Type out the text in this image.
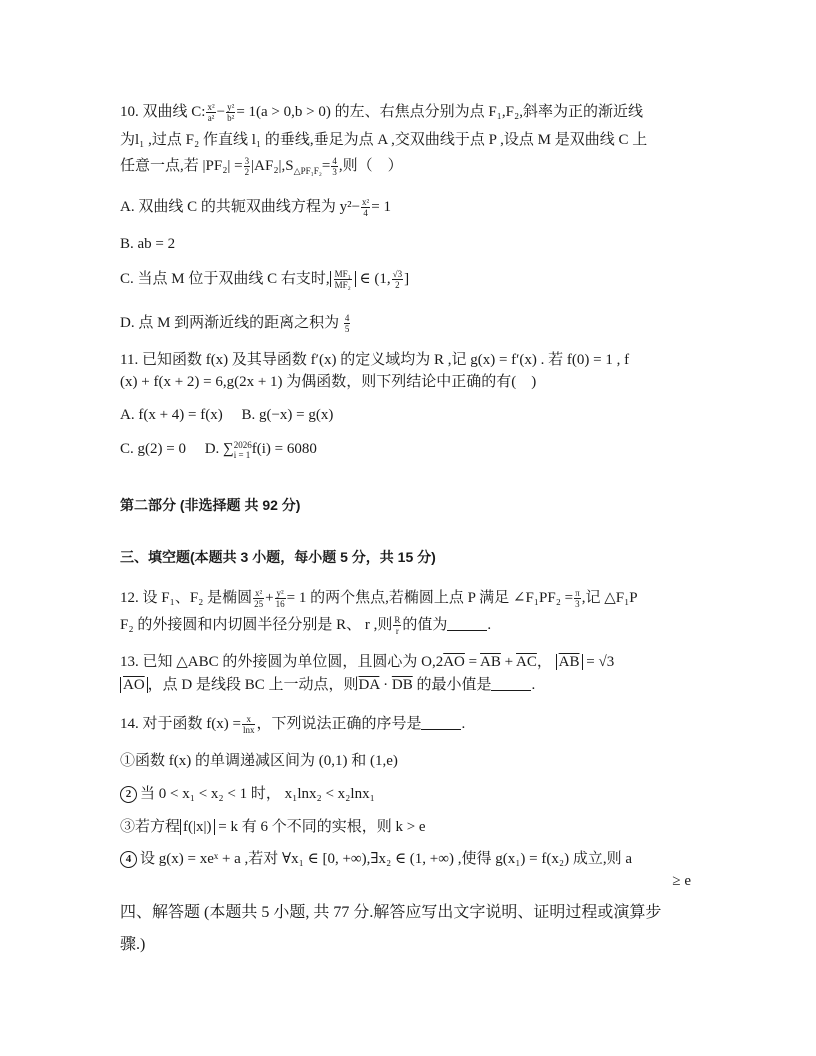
10. 双曲线 C: $\frac{\text{x²}}{\text{a²}} - \frac{\text{y²}}{\text{b²}} = 1(a > 0,b > 0)$ 的左、右焦点分别为点 F₁,F₂,斜率为正的渐近线
为l₁ ,过点 F₂ 作直线 l₁ 的垂线,垂足为点 A ,交双曲线于点 P ,设点 M 是双曲线 C 上
任意一点,若 $|PF_2| = \frac{3}{2} |AF_2|,S_{\triangle PF_1F_2}= \frac{4}{3}$ ,则（　）
A. 双曲线 C 的共轭双曲线方程为 $y^2- \frac{\text{x²}}{4} = 1$
B. ab = 2
C. 当点 M 位于双曲线 C 右支时, $\frac{\text{MF₁}}{\text{MF₂}}$ ∈ (1, $\frac{√3}{2}$ ]
D. 点 M 到两渐近线的距离之积为 $\frac{4}{5}$
11. 已知函数 f(x) 及其导函数 f′(x) 的定义域均为 R ,记 g(x) = f′(x) . 若 f(0) = 1 , f
(x) + f(x + 2) = 6,g(2x + 1) 为偶函数，则下列结论中正确的有(　)
A. f(x + 4) = f(x)　 B. g(−x) = g(x)
C. g(2) = 0　 D. ∑ 2026
i = 1 f(i) = 6080
第二部分 (非选择题 共 92 分)
三、填空题(本题共 3 小题，每小题 5 分，共 15 分)
12. 设 F₁、F₂ 是椭圆 $\frac{\text{x²}}{25} + \frac{\text{y²}}{16} = 1$ 的两个焦点,若椭圆上点 P 满足 ∠F₁PF₂ = $\frac{\pi}{3}$ ,记 △F₁P
F₂ 的外接圆和内切圆半径分别是 R、 r ,则 $\frac{R}{r}$ 的值为	.
13. 已知 △ABC 的外接圆为单位圆，且圆心为 $O,2\overline{AO} = \overline{AB} + \overline{AC}$， $\overline{AB} = √3$
$\overline{AO}$ ，点 D 是线段 BC 上一动点，则$\overline{DA} \cdot \overline{DB}$ 的最小值是	.
14. 对于函数 $f(x) = \frac{x}{\ln x}$ ，下列说法正确的序号是	.
①函数 f(x) 的单调递减区间为 (0,1) 和 (1,e)
2 当 0 < x₁ < x₂ < 1 时， x₁lnx₂ < x₂lnx₁
③若方程 f(|x|) = k 有 6 个不同的实根，则 k > e
4 设 g(x) = xeˣ + a ,若对 ∀x₁ ∈ [0, +∞),∃x₂ ∈ (1, +∞) ,使得 g(x₁) = f(x₂) 成立,则 a
≥ e
四、解答题 (本题共 5 小题, 共 77 分.解答应写出文字说明、证明过程或演算步
骤.)
